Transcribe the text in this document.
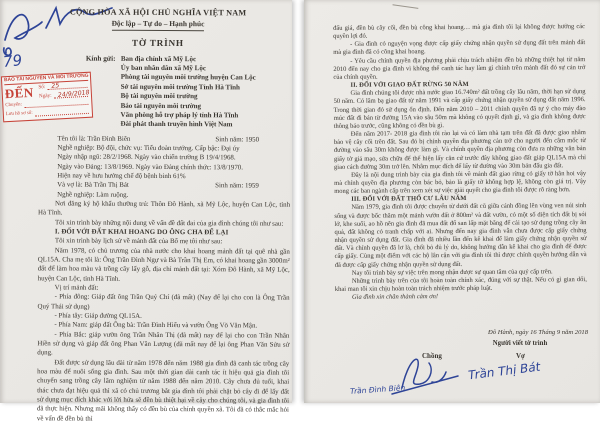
79
BÁO TÀI NGUYÊN VÀ MÔI TRƯỜNG
ĐẾN Số: 25
Ngày: 24/9/2018
Chuyển:
Lưu hồ sơ số:
CỘNG HÒA XÃ HỘI CHỦ NGHĨA VIỆT NAM
Độc lập – Tự do – Hạnh phúc
TỜ TRÌNH
Kính gửi: Ban địa chính xã Mỹ Lộc
Ủy ban nhân dân xã Mỹ Lộc
Phòng tài nguyên môi trường huyện Can Lộc
Sở tài nguyên môi trường Tỉnh Hà Tĩnh
Bộ tài nguyên môi trường
Báo tài nguyên môi trường
Văn phòng hỗ trợ pháp lý tỉnh Hà Tĩnh
Đài phát thanh truyền hình Việt Nam
Tên tôi là: Trần Đình Biên	Sinh năm: 1950
Nghề nghiệp: Bộ đội, chức vụ: Tiểu đoàn trưởng. Cấp bậc: Đại úy
Ngày nhập ngũ: 28/2/1968. Ngày vào chiến trường B 19/4/1968.
Ngày vào Đảng: 13/8/1969. Ngày vào Đảng chính thức: 13/8/1970.
Hiện nay về hưu hưởng chế độ bệnh binh 61%
Và vợ là: Bà Trần Thị Bát	Sinh năm: 1959
Nghề nghiệp: Làm ruộng.

Nơi đăng ký hộ khẩu thường trú: Thôn Đô Hành, xã Mỹ Lộc, huyện Can Lộc, tỉnh Hà Tĩnh.

Tôi xin trình bày những nội dung về vấn đề đất đai của gia đình chúng tôi như sau:

I. ĐỐI VỚI ĐẤT KHAI HOANG DO ÔNG CHA ĐỂ LẠI

Tôi xin trình bày lịch sử về mảnh đất của Bố mẹ tôi như sau:

Năm 1978, có chủ trương của nhà nước cho khai hoang mảnh đất tại quê nhà gần QL15A. Cha mẹ tôi là: Ông Trần Đình Ngự và Bà Trần Thị Em, có khai hoang gần 3000m² đất để làm hoa màu và trồng cây lấy gỗ, địa chỉ mảnh đất tại: Xóm Đô Hành, xã Mỹ Lộc, huyện Can Lộc, tỉnh Hà Tĩnh.

Vị trí mảnh đất:

- Phía đông: Giáp đất ông Trần Quý Chí (đã mất) (Nay để lại cho con là Ông Trần Quý Thái sử dụng)

- Phía tây: Giáp đường QL15A.

- Phía Nam: giáp đất Ông bà: Trần Đình Hiếu và vườn Ông Võ Văn Mận.

- Phía Bắc: giáp vườn ông Trần Nhân Thị (đã mất) nay để lại cho con Trần Nhân Hiền sử dụng và giáp đất ông Phan Văn Lượng (đã mất nay để lại ông Phan Văn Sửu sử dụng.

Đất được sử dụng lâu dài từ năm 1978 đến năm 1988 gia đình đã canh tác trồng cây hoa màu để nuôi sống gia đình. Sau một thời gian dài canh tác ít hiệu quả gia đình tôi chuyển sang trồng cây lâm nghiệm từ năm 1988 đến năm 2010. Cây chưa đủ tuổi, khai thác chưa đạt hiệu quả thì xã có chủ trương bắt gia đình tôi phải chặt bỏ cây đi để lấy đất sử dụng mục đích khác với lời hứa sẽ đền bù thiệt hại về cây cho chúng tôi, và gia đình tôi đã thực hiện. Nhưng mãi không thấy có đền bù của chính quyền xã. Tôi đã có thắc mắc hỏi về vấn đề đền bù thì

đấu giá, đền bù cây cối, đền bù công khai hoang… mà gia đình tôi lại không được hưởng các quyền lợi đó.

- Gia đình có nguyện vọng được cấp giấy chứng nhận quyền sử dụng đất trên mảnh đất mà gia đình đã có công khai hoang.

- Yêu cầu chính quyền địa phương phải chịu trách nhiệm đền bù những thiệt hại từ năm 2010 đến nay cho gia đình vì không thể canh tác hay làm gì chính trên mảnh đất đó sự cản trở của chính quyền.

II. ĐỐI VỚI GIAO ĐẤT RỪNG 50 NĂM

Gia đình chúng tôi được nhà nước giao 16.740m² đất trồng cây lâu năm, thời hạn sử dụng 50 năm. Có lâm bạ giao đất từ năm 1991 và cấp giấy chứng nhận quyền sử dụng đất năm 1996. Trong thời gian đó sử dụng ổn định. Đến năm 2010 – 2011 chính quyền đã tự ý cho máy đào múc đất đi bán từ đường 15A vào sâu 50m mà không có quyết định gì, và gia đình không được thông báo trước, cũng không có đền bù gì.

Đến năm 2017- 2018 gia đình tôi rào lại và có làm nhà tạm trên đất đã được giao nhằm bảo vệ cây cối trên đất. Sau đó bị chính quyền địa phương cản trở cho người đến cắm mốc từ đường vào sâu 30m không được làm gì. Và chính quyền địa phương còn đưa ra những văn bản giấy tờ giả mạo, sửa chữa để thể hiện lấy căn cứ trước đây không giao đất giáp QL15A mà chỉ giao cách đường 30m trở lên. Nhằm mục đích để lấy từ đường vào 30m bán đấu gia đất.

Đây là nội dung trình bày của gia đình tôi về mảnh đất giao rừng có giấy tờ hẳn hoi vậy mà chính quyền địa phương còn bác bỏ, bảo là giấy tờ không hợp lệ, không còn giá trị. Vậy mong các ban ngành cấp trên xem xét sự việc giải quyết cho gia đình tôi được rõ ràng hơn.

III. ĐỐI VỚI ĐẤT THỔ CƯ LÂU NĂM

Năm 1979, gia đình tôi được chuyển từ dưới đất cũ giữa cánh đồng lên vùng ven núi sinh sống và được bốc thăm một mảnh vườn đất ở 800m² và đất vườn, có một số diện tích đất bị sói lở, khe suối, ao hồ nên gia đình đã mua đất đổ san lấp mặt bằng để cải tạo sử dụng trồng cây ăn quả, đất không có tranh chấp với ai. Nhưng đến nay gia đình vẫn chưa được cấp giấy chứng nhận quyền sử dụng đất. Gia đình đã nhiều lần đến kê khai để làm giấy chứng nhận quyền sử đất. Và chính quyền đã lơ là, chối bỏ đủ lý do, không hướng dẫn kê khai cho gia đình để được cấp giấy. Cùng một điểm với các hộ lân cận với gia đình tôi thì được chính quyền hướng dẫn và đã được cấp giấy chứng nhận quyền sử dụng đất.

Nay tôi trình bày sự việc trên mong nhận được sự quan tâm của quý cấp trên.

Những trình bày trên của tôi hoàn toàn chính xác, đúng với sự thật. Nếu có gì gian dối, khai man tôi xin chịu hoàn toàn trách nhiệm trước pháp luật.

Gia đình xin chân thành cảm ơn!

Đô Hành, ngày 16 Tháng 9 năm 2018
Người viết tờ trình
Chồng	Vợ
Trần Đình Biên
Trần Thị Bát
